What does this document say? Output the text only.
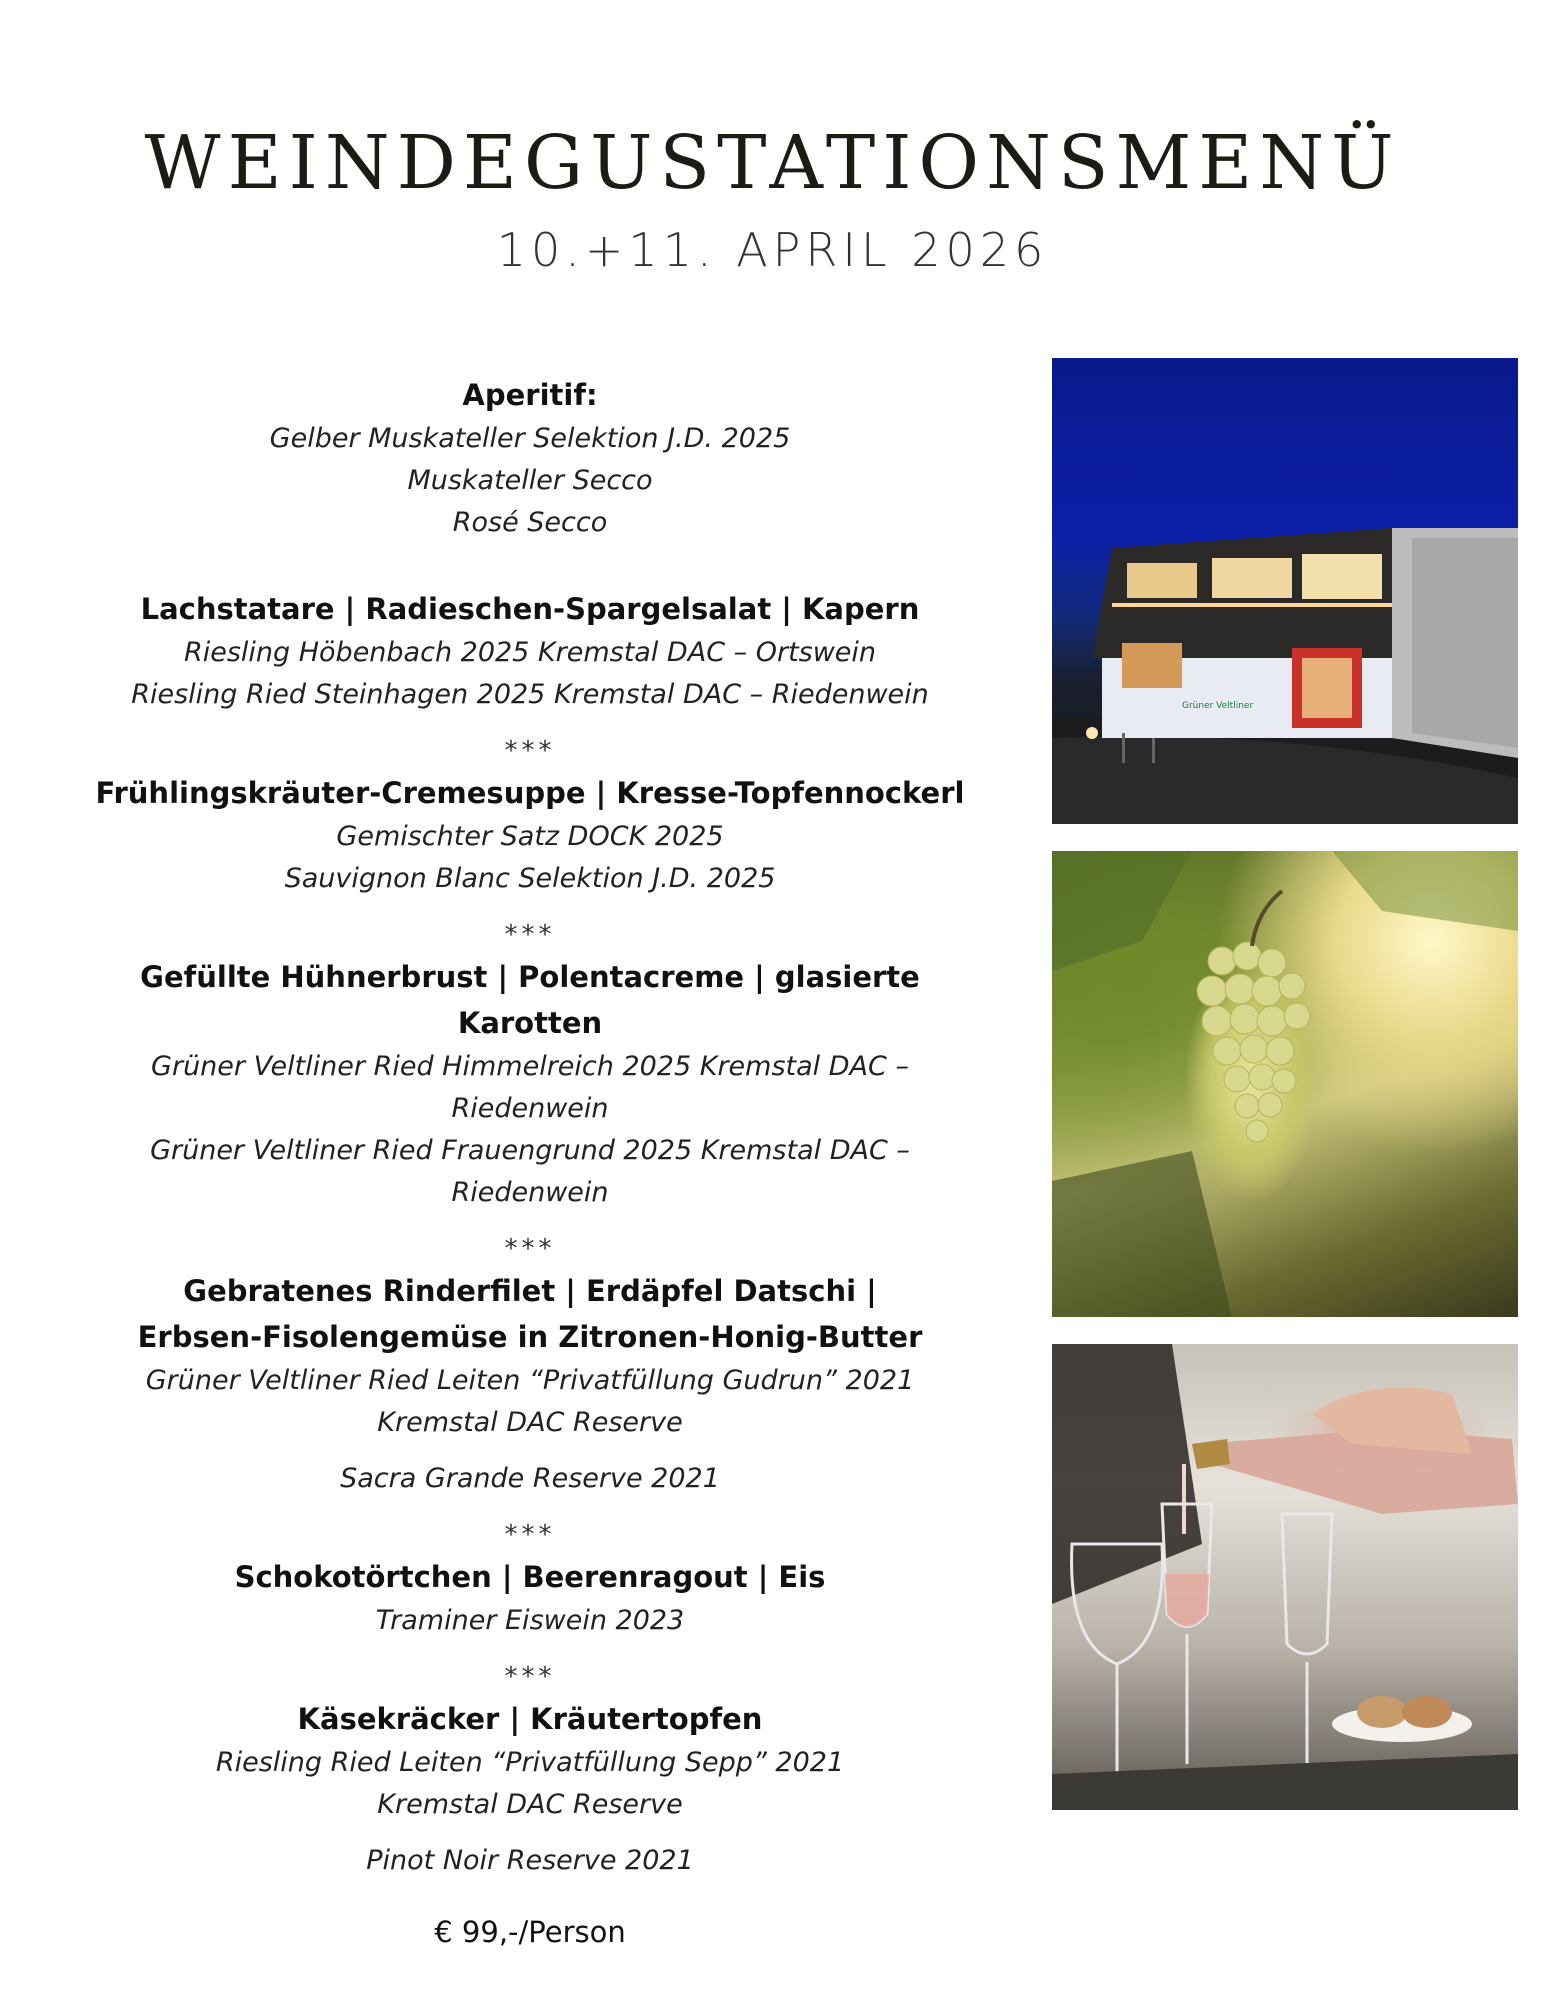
WEINDEGUSTATIONSMENÜ
10.+11. APRIL 2026
Aperitif:
Gelber Muskateller Selektion J.D. 2025
Muskateller Secco
Rosé Secco
Lachstatare | Radieschen-Spargelsalat | Kapern
Riesling Höbenbach 2025 Kremstal DAC – Ortswein
Riesling Ried Steinhagen 2025 Kremstal DAC – Riedenwein
***
Frühlingskräuter-Cremesuppe | Kresse-Topfennockerl
Gemischter Satz DOCK 2025
Sauvignon Blanc Selektion J.D. 2025
***
Gefüllte Hühnerbrust | Polentacreme | glasierte Karotten
Grüner Veltliner Ried Himmelreich 2025 Kremstal DAC – Riedenwein
Grüner Veltliner Ried Frauengrund 2025 Kremstal DAC – Riedenwein
***
Gebratenes Rinderfilet | Erdäpfel Datschi |
Erbsen-Fisolengemüse in Zitronen-Honig-Butter
Grüner Veltliner Ried Leiten “Privatfüllung Gudrun” 2021
Kremstal DAC Reserve
Sacra Grande Reserve 2021
***
Schokotörtchen | Beerenragout | Eis
Traminer Eiswein 2023
***
Käsekräcker | Kräutertopfen
Riesling Ried Leiten “Privatfüllung Sepp” 2021
Kremstal DAC Reserve
Pinot Noir Reserve 2021
€ 99,-/Person
Grüner Veltliner
